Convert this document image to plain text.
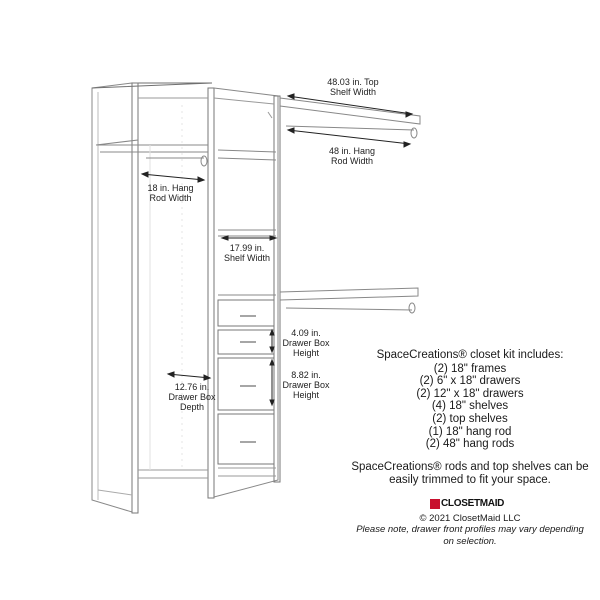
48.03 in. Top
Shelf Width
48 in. Hang
Rod Width
18 in. Hang
Rod Width
17.99 in.
Shelf Width
4.09 in.
Drawer Box
Height
8.82 in.
Drawer Box
Height
12.76 in.
Drawer Box
Depth
SpaceCreations® closet kit includes:
(2) 18" frames
(2) 6" x 18" drawers
(2) 12" x 18" drawers
(4) 18" shelves
(2) top shelves
(1) 18" hang rod
(2) 48" hang rods
SpaceCreations® rods and top shelves can be easily trimmed to fit your space.
CLOSETMAID
© 2021 ClosetMaid LLC
Please note, drawer front profiles may vary depending on selection.
